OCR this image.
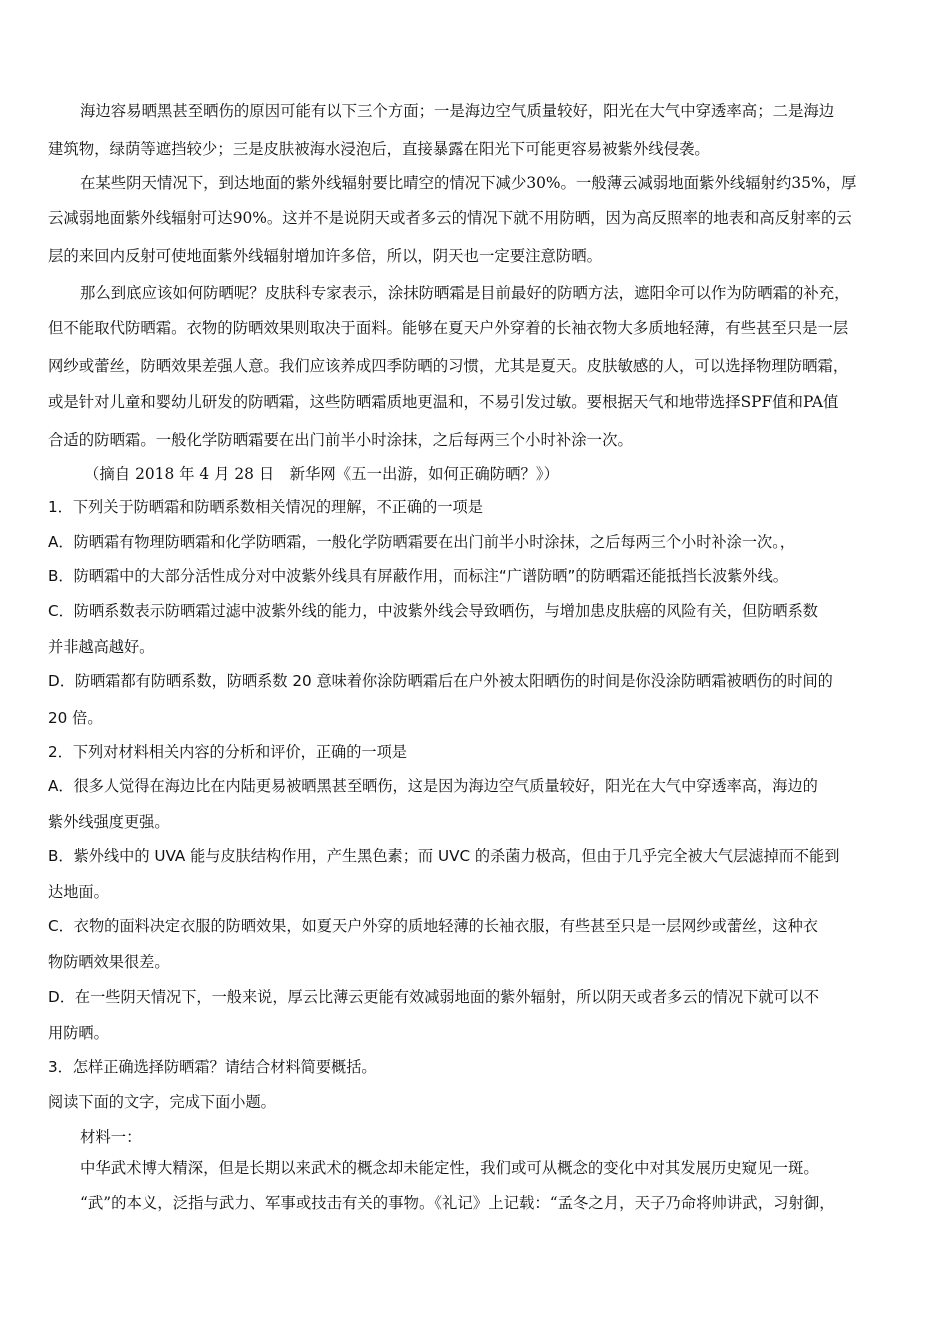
海边容易晒黑甚至晒伤的原因可能有以下三个方面；一是海边空气质量较好，阳光在大气中穿透率高；二是海边
建筑物，绿荫等遮挡较少；三是皮肤被海水浸泡后，直接暴露在阳光下可能更容易被紫外线侵袭。
在某些阴天情况下，到达地面的紫外线辐射要比晴空的情况下减少30%。一般薄云减弱地面紫外线辐射约35%，厚
云减弱地面紫外线辐射可达90%。这并不是说阴天或者多云的情况下就不用防晒，因为高反照率的地表和高反射率的云
层的来回内反射可使地面紫外线辐射增加许多倍，所以，阴天也一定要注意防晒。
那么到底应该如何防晒呢？皮肤科专家表示，涂抹防晒霜是目前最好的防晒方法，遮阳伞可以作为防晒霜的补充，
但不能取代防晒霜。衣物的防晒效果则取决于面料。能够在夏天户外穿着的长袖衣物大多质地轻薄，有些甚至只是一层
网纱或蕾丝，防晒效果差强人意。我们应该养成四季防晒的习惯，尤其是夏天。皮肤敏感的人，可以选择物理防晒霜，
或是针对儿童和婴幼儿研发的防晒霜，这些防晒霜质地更温和，不易引发过敏。要根据天气和地带选择SPF值和PA值
合适的防晒霜。一般化学防晒霜要在出门前半小时涂抹，之后每两三个小时补涂一次。
（摘自 2018 年 4 月 28 日　新华网《五一出游，如何正确防晒？》）
1．下列关于防晒霜和防晒系数相关情况的理解，不正确的一项是
A．防晒霜有物理防晒霜和化学防晒霜，一般化学防晒霜要在出门前半小时涂抹，之后每两三个小时补涂一次。，
B．防晒霜中的大部分活性成分对中波紫外线具有屏蔽作用，而标注“广谱防晒”的防晒霜还能抵挡长波紫外线。
C．防晒系数表示防晒霜过滤中波紫外线的能力，中波紫外线会导致晒伤，与增加患皮肤癌的风险有关，但防晒系数
并非越高越好。
D．防晒霜都有防晒系数，防晒系数 20 意味着你涂防晒霜后在户外被太阳晒伤的时间是你没涂防晒霜被晒伤的时间的
20 倍。
2．下列对材料相关内容的分析和评价，正确的一项是
A．很多人觉得在海边比在内陆更易被晒黑甚至晒伤，这是因为海边空气质量较好，阳光在大气中穿透率高，海边的
紫外线强度更强。
B．紫外线中的 UVA 能与皮肤结构作用，产生黑色素；而 UVC 的杀菌力极高，但由于几乎完全被大气层滤掉而不能到
达地面。
C．衣物的面料决定衣服的防晒效果，如夏天户外穿的质地轻薄的长袖衣服，有些甚至只是一层网纱或蕾丝，这种衣
物防晒效果很差。
D．在一些阴天情况下，一般来说，厚云比薄云更能有效减弱地面的紫外辐射，所以阴天或者多云的情况下就可以不
用防晒。
3．怎样正确选择防晒霜？请结合材料简要概括。
阅读下面的文字，完成下面小题。
材料一：
中华武术博大精深，但是长期以来武术的概念却未能定性，我们或可从概念的变化中对其发展历史窥见一斑。
“武”的本义，泛指与武力、军事或技击有关的事物。《礼记》上记载：“孟冬之月，天子乃命将帅讲武，习射御，
